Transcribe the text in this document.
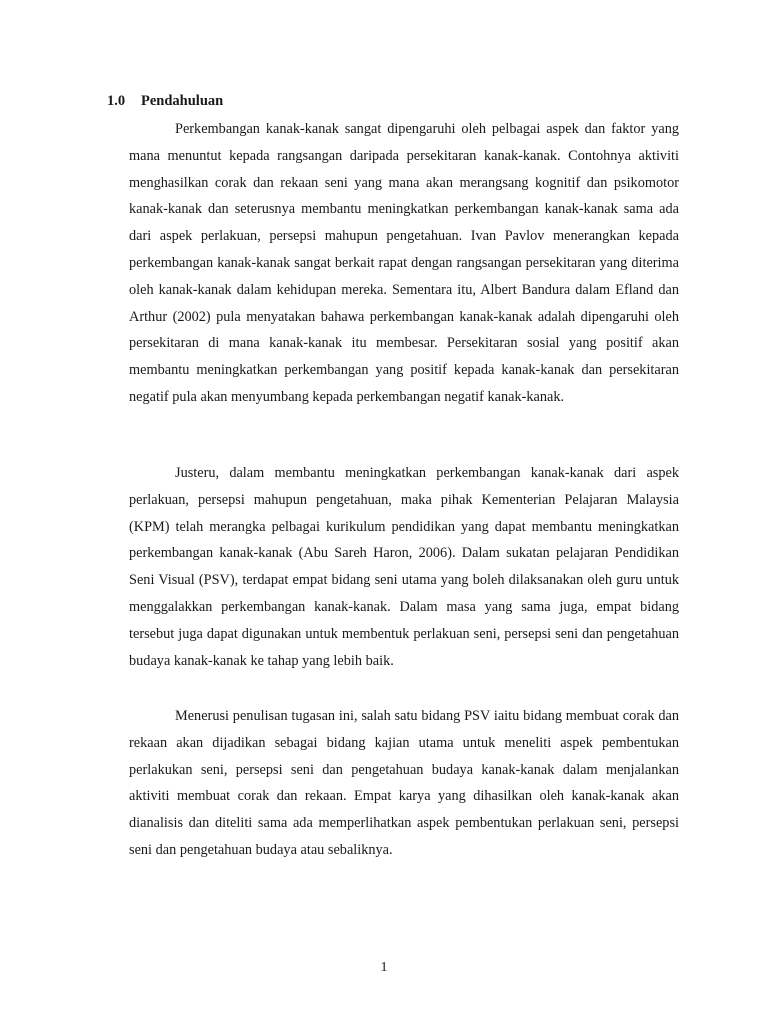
1.0 Pendahuluan

Perkembangan kanak-kanak sangat dipengaruhi oleh pelbagai aspek dan faktor yang mana menuntut kepada rangsangan daripada persekitaran kanak-kanak. Contohnya aktiviti menghasilkan corak dan rekaan seni yang mana akan merangsang kognitif dan psikomotor kanak-kanak dan seterusnya membantu meningkatkan perkembangan kanak-kanak sama ada dari aspek perlakuan, persepsi mahupun pengetahuan. Ivan Pavlov menerangkan kepada perkembangan kanak-kanak sangat berkait rapat dengan rangsangan persekitaran yang diterima oleh kanak-kanak dalam kehidupan mereka. Sementara itu, Albert Bandura dalam Efland dan Arthur (2002) pula menyatakan bahawa perkembangan kanak-kanak adalah dipengaruhi oleh persekitaran di mana kanak-kanak itu membesar. Persekitaran sosial yang positif akan membantu meningkatkan perkembangan yang positif kepada kanak-kanak dan persekitaran negatif pula akan menyumbang kepada perkembangan negatif kanak-kanak.

Justeru, dalam membantu meningkatkan perkembangan kanak-kanak dari aspek perlakuan, persepsi mahupun pengetahuan, maka pihak Kementerian Pelajaran Malaysia (KPM) telah merangka pelbagai kurikulum pendidikan yang dapat membantu meningkatkan perkembangan kanak-kanak (Abu Sareh Haron, 2006). Dalam sukatan pelajaran Pendidikan Seni Visual (PSV), terdapat empat bidang seni utama yang boleh dilaksanakan oleh guru untuk menggalakkan perkembangan kanak-kanak. Dalam masa yang sama juga, empat bidang tersebut juga dapat digunakan untuk membentuk perlakuan seni, persepsi seni dan pengetahuan budaya kanak-kanak ke tahap yang lebih baik.

Menerusi penulisan tugasan ini, salah satu bidang PSV iaitu bidang membuat corak dan rekaan akan dijadikan sebagai bidang kajian utama untuk meneliti aspek pembentukan perlakukan seni, persepsi seni dan pengetahuan budaya kanak-kanak dalam menjalankan aktiviti membuat corak dan rekaan. Empat karya yang dihasilkan oleh kanak-kanak akan dianalisis dan diteliti sama ada memperlihatkan aspek pembentukan perlakuan seni, persepsi seni dan pengetahuan budaya atau sebaliknya.

1
